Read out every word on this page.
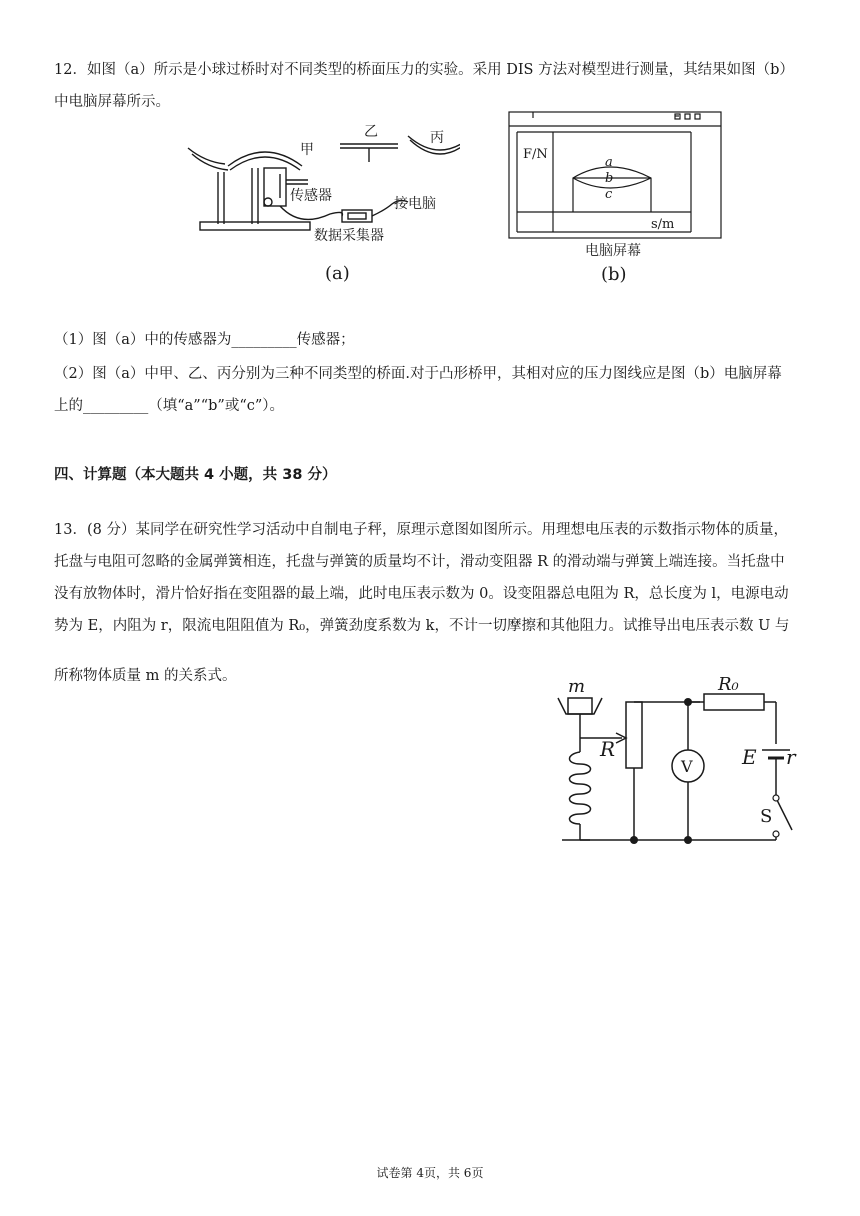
12．如图（a）所示是小球过桥时对不同类型的桥面压力的实验。采用 DIS 方法对模型进行测量，其结果如图（b）
中电脑屏幕所示。
甲
乙	丙
传感器	接电脑
数据采集器
(a)
F/N
s/m
a
b
c
电脑屏幕
(b)
（1）图（a）中的传感器为_________传感器；
（2）图（a）中甲、乙、丙分别为三种不同类型的桥面.对于凸形桥甲，其相对应的压力图线应是图（b）电脑屏幕
上的_________（填“a”“b”或“c”）。
四、计算题（本大题共 4 小题，共 38 分）
13．(8 分）某同学在研究性学习活动中自制电子秤，原理示意图如图所示。用理想电压表的示数指示物体的质量，
托盘与电阻可忽略的金属弹簧相连，托盘与弹簧的质量均不计，滑动变阻器 R 的滑动端与弹簧上端连接。当托盘中
没有放物体时，滑片恰好指在变阻器的最上端，此时电压表示数为 0。设变阻器总电阻为 R，总长度为 l，电源电动
势为 E，内阻为 r，限流电阻阻值为 R₀，弹簧劲度系数为 k，不计一切摩擦和其他阻力。试推导出电压表示数 U 与
所称物体质量 m 的关系式。	m
R
R₀
V E r
S
试卷第 4页，共 6页
